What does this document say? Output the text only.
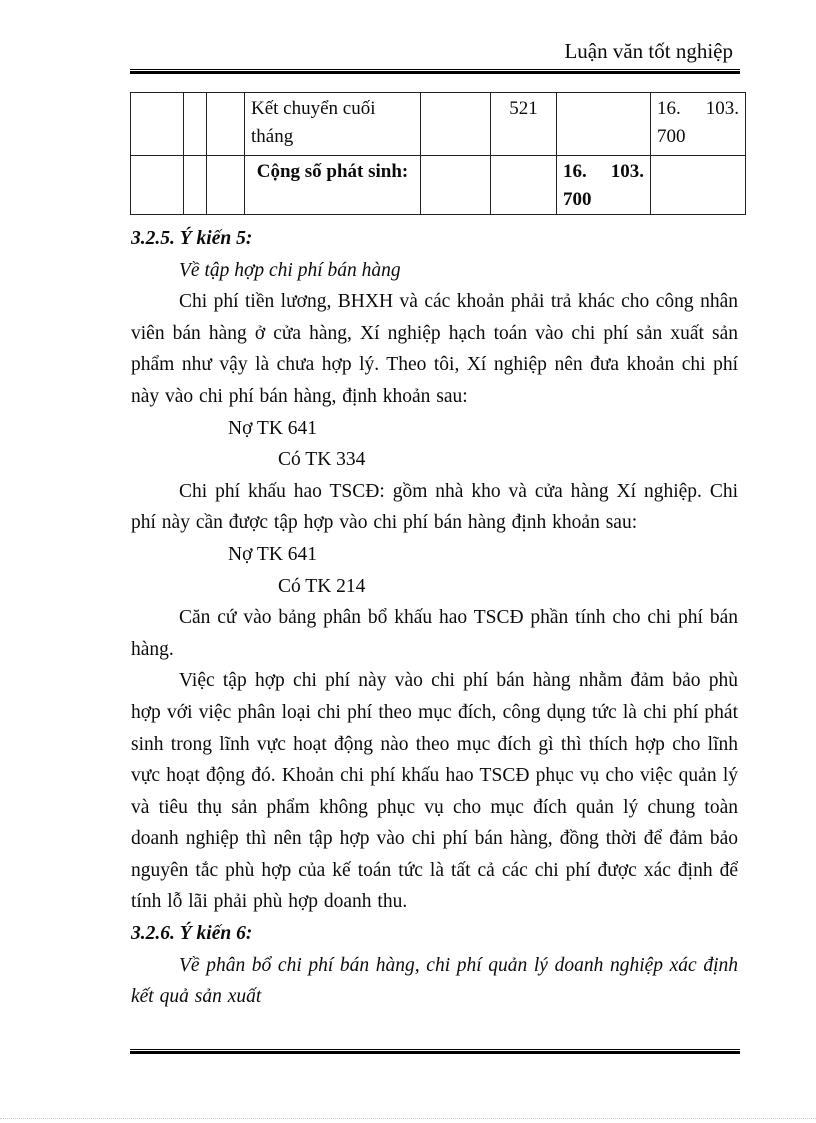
Luận văn tốt nghiệp
			Kết chuyển cuối tháng		521		16. 103. 700
			Cộng số phát sinh:			16. 103. 700	

3.2.5. Ý kiến 5:

Về tập hợp chi phí bán hàng

Chi phí tiền lương, BHXH và các khoản phải trả khác cho công nhân viên bán hàng ở cửa hàng, Xí nghiệp hạch toán vào chi phí sản xuất sản phẩm như vậy là chưa hợp lý. Theo tôi, Xí nghiệp nên đưa khoản chi phí này vào chi phí bán hàng, định khoản sau:

Nợ TK 641

Có TK 334

Chi phí khấu hao TSCĐ: gồm nhà kho và cửa hàng Xí nghiệp. Chi phí này cần được tập hợp vào chi phí bán hàng định khoản sau:

Nợ TK 641

Có TK 214

Căn cứ vào bảng phân bổ khấu hao TSCĐ phần tính cho chi phí bán hàng.

Việc tập hợp chi phí này vào chi phí bán hàng nhằm đảm bảo phù hợp với việc phân loại chi phí theo mục đích, công dụng tức là chi phí phát sinh trong lĩnh vực hoạt động nào theo mục đích gì thì thích hợp cho lĩnh vực hoạt động đó. Khoản chi phí khấu hao TSCĐ phục vụ cho việc quản lý và tiêu thụ sản phẩm không phục vụ cho mục đích quản lý chung toàn doanh nghiệp thì nên tập hợp vào chi phí bán hàng, đồng thời để đảm bảo nguyên tắc phù hợp của kế toán tức là tất cả các chi phí được xác định để tính lỗ lãi phải phù hợp doanh thu.

3.2.6. Ý kiến 6:

Về phân bổ chi phí bán hàng, chi phí quản lý doanh nghiệp xác định kết quả sản xuất
